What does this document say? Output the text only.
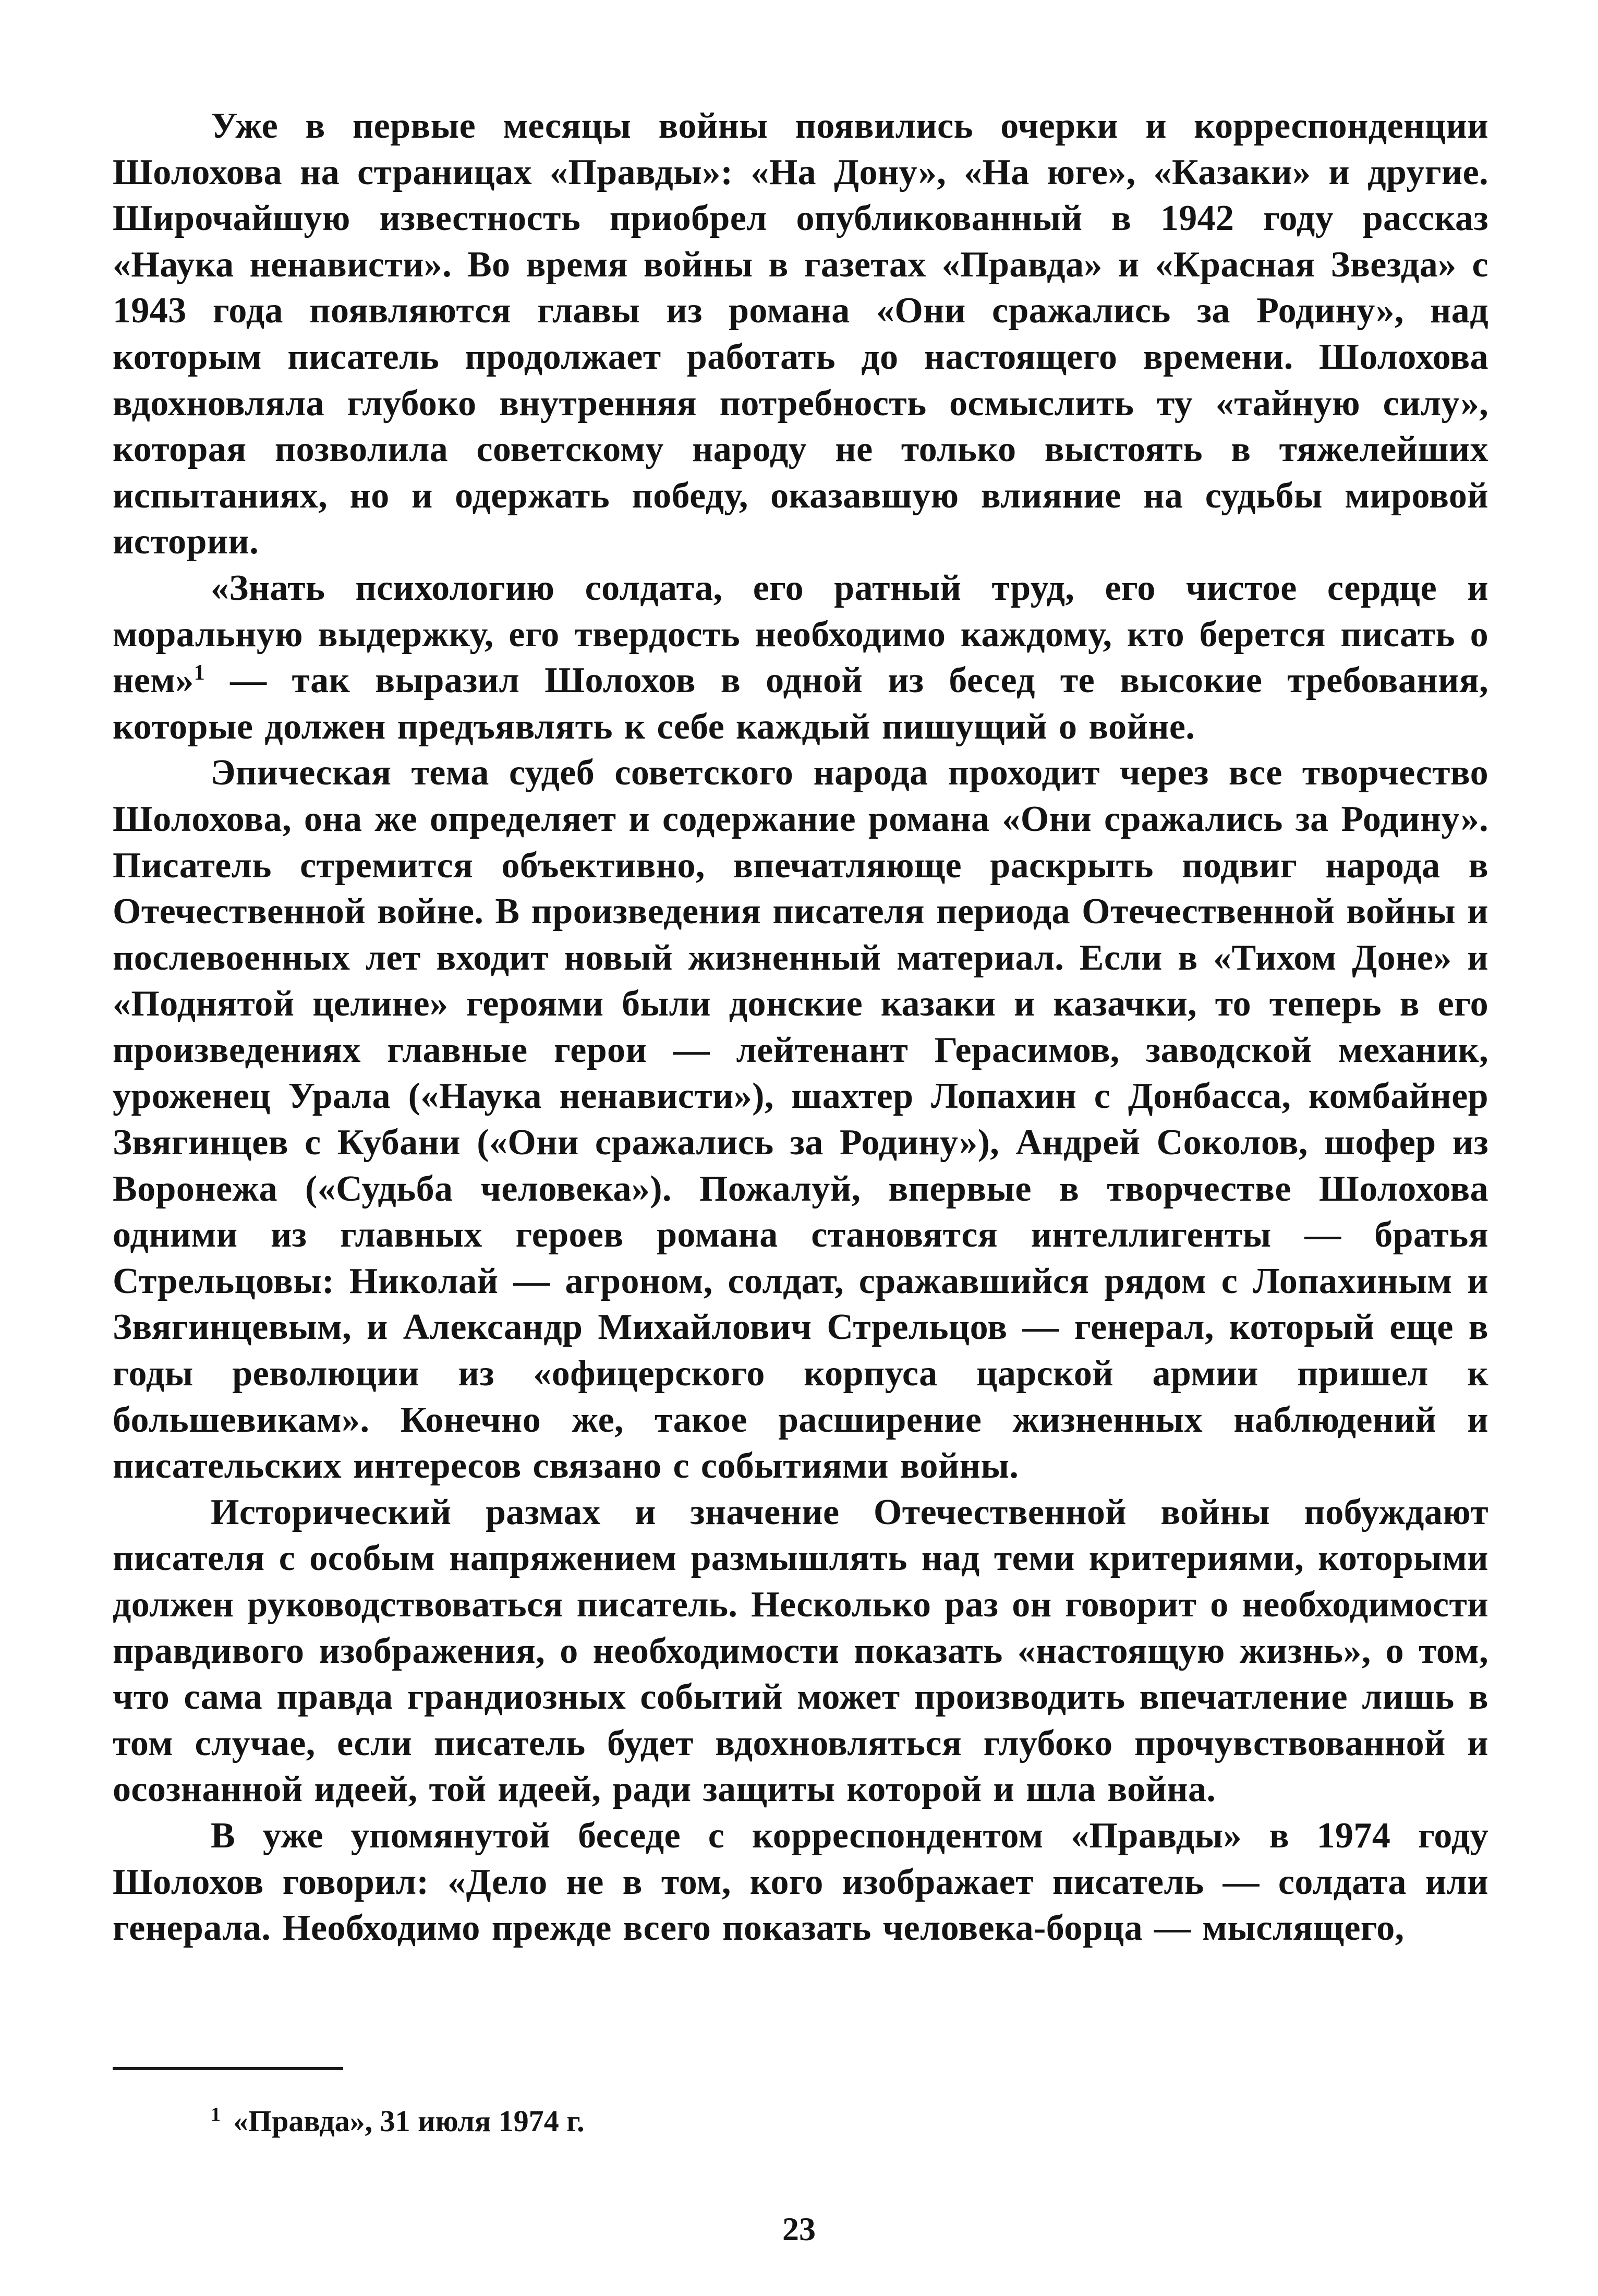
Уже в первые месяцы войны появились очерки и корреспонденции Шолохова на страницах «Правды»: «На Дону», «На юге», «Казаки» и другие. Широчайшую известность приобрел опубликованный в 1942 году рассказ «Наука ненависти». Во время войны в газетах «Правда» и «Красная Звезда» с 1943 года появляются главы из романа «Они сражались за Родину», над которым писатель продолжает работать до настоящего времени. Шолохова вдохновляла глубоко внутренняя потребность осмыслить ту «тайную силу», которая позволила советскому народу не только выстоять в тяжелейших испытаниях, но и одержать победу, оказавшую влияние на судьбы мировой истории.

«Знать психологию солдата, его ратный труд, его чистое сердце и моральную выдержку, его твердость необходимо каждому, кто берется писать о нем»$^1$ — так выразил Шолохов в одной из бесед те высокие требования, которые должен предъявлять к себе каждый пишущий о войне.

Эпическая тема судеб советского народа проходит через все творчество Шолохова, она же определяет и содержание романа «Они сражались за Родину». Писатель стремится объективно, впечатляюще раскрыть подвиг народа в Отечественной войне. В произведения писателя периода Отечественной войны и послевоенных лет входит новый жизненный материал. Если в «Тихом Доне» и «Поднятой целине» героями были донские казаки и казачки, то теперь в его произведениях главные герои — лейтенант Герасимов, заводской механик, уроженец Урала («Наука ненависти»), шахтер Лопахин с Донбасса, комбайнер Звягинцев с Кубани («Они сражались за Родину»), Андрей Соколов, шофер из Воронежа («Судьба человека»). Пожалуй, впервые в творчестве Шолохова одними из главных героев романа становятся интеллигенты — братья Стрельцовы: Николай — агроном, солдат, сражавшийся рядом с Лопахиным и Звягинцевым, и Александр Михайлович Стрельцов — генерал, который еще в годы революции из «офицерского корпуса царской армии пришел к большевикам». Конечно же, такое расширение жизненных наблюдений и писательских интересов связано с событиями войны.

Исторический размах и значение Отечественной войны побуждают писателя с особым напряжением размышлять над теми критериями, которыми должен руководствоваться писатель. Несколько раз он говорит о необходимости правдивого изображения, о необходимости показать «настоящую жизнь», о том, что сама правда грандиозных событий может производить впечатление лишь в том случае, если писатель будет вдохновляться глубоко прочувствованной и осознанной идеей, той идеей, ради защиты которой и шла война.

В уже упомянутой беседе с корреспондентом «Правды» в 1974 году Шолохов говорил: «Дело не в том, кого изображает писатель — солдата или генерала. Необходимо прежде всего показать человека-борца — мыслящего,

$^1$ «Правда», 31 июля 1974 г.
23
